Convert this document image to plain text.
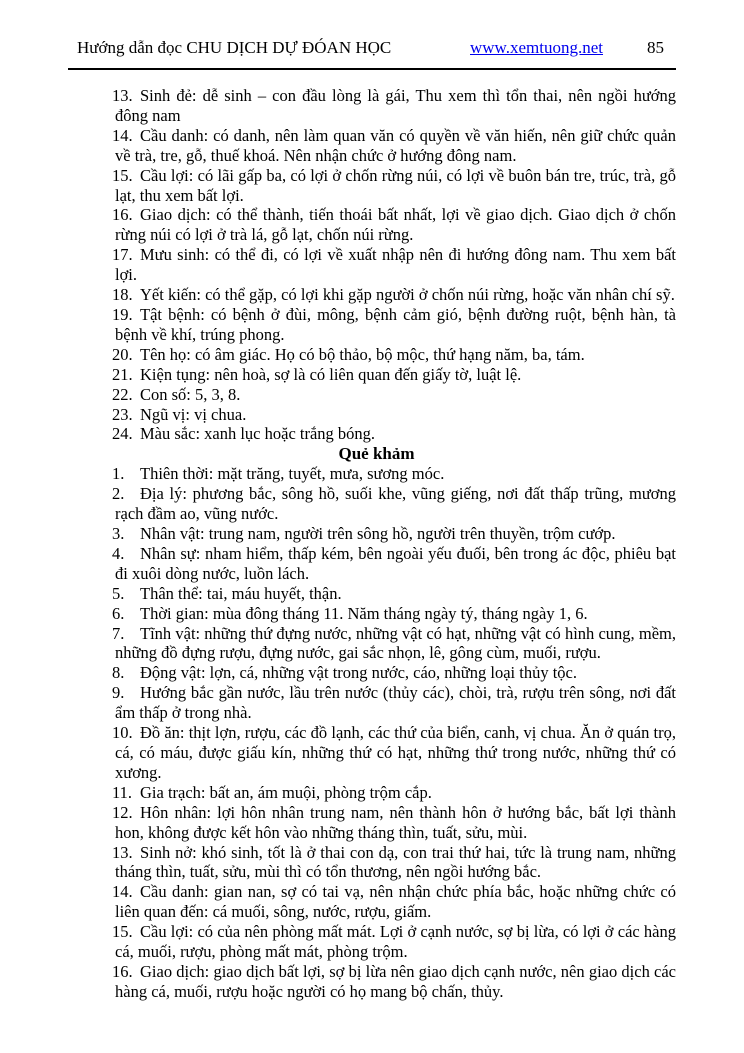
Hướng dẫn đọc CHU DỊCH DỰ ĐÓAN HỌC	www.xemtuong.net	85
13. Sinh đẻ: dễ sinh – con đầu lòng là gái, Thu xem thì tổn thai, nên ngồi hướng đông nam
14. Cầu danh: có danh, nên làm quan văn có quyền về văn hiến, nên giữ chức quản về trà, tre, gỗ, thuế khoá. Nên nhận chức ở hướng đông nam.
15. Cầu lợi: có lãi gấp ba, có lợi ở chốn rừng núi, có lợi về buôn bán tre, trúc, trà, gỗ lạt, thu xem bất lợi.
16. Giao dịch: có thể thành, tiến thoái bất nhất, lợi về giao dịch. Giao dịch ở chốn rừng núi có lợi ở trà lá, gỗ lạt, chốn núi rừng.
17. Mưu sinh: có thể đi, có lợi về xuất nhập nên đi hướng đông nam. Thu xem bất lợi.
18. Yết kiến: có thể gặp, có lợi khi gặp người ở chốn núi rừng, hoặc văn nhân chí sỹ.
19. Tật bệnh: có bệnh ở đùi, mông, bệnh cảm gió, bệnh đường ruột, bệnh hàn, tà bệnh về khí, trúng phong.
20. Tên họ: có âm giác. Họ có bộ thảo, bộ mộc, thứ hạng năm, ba, tám.
21. Kiện tụng: nên hoà, sợ là có liên quan đến giấy tờ, luật lệ.
22. Con số: 5, 3, 8.
23. Ngũ vị: vị chua.
24. Màu sắc: xanh lục hoặc trắng bóng.
Quẻ khảm
1. Thiên thời: mặt trăng, tuyết, mưa, sương móc.
2. Địa lý: phương bắc, sông hồ, suối khe, vũng giếng, nơi đất thấp trũng, mương rạch đầm ao, vũng nước.
3. Nhân vật: trung nam, người trên sông hồ, người trên thuyền, trộm cướp.
4. Nhân sự: nham hiểm, thấp kém, bên ngoài yếu đuối, bên trong ác độc, phiêu bạt đi xuôi dòng nước, luồn lách.
5. Thân thể: tai, máu huyết, thận.
6. Thời gian: mùa đông tháng 11. Năm tháng ngày tý, tháng ngày 1, 6.
7. Tĩnh vật: những thứ đựng nước, những vật có hạt, những vật có hình cung, mềm, những đồ đựng rượu, đựng nước, gai sắc nhọn, lê, gông cùm, muối, rượu.
8. Động vật: lợn, cá, những vật trong nước, cáo, những loại thủy tộc.
9. Hướng bắc gần nước, lầu trên nước (thủy các), chòi, trà, rượu trên sông, nơi đất ẩm thấp ở trong nhà.
10. Đồ ăn: thịt lợn, rượu, các đồ lạnh, các thứ của biển, canh, vị chua. Ăn ở quán trọ, cá, có máu, được giấu kín, những thứ có hạt, những thứ trong nước, những thứ có xương.
11. Gia trạch: bất an, ám muội, phòng trộm cắp.
12. Hôn nhân: lợi hôn nhân trung nam, nên thành hôn ở hướng bắc, bất lợi thành hon, không được kết hôn vào những tháng thìn, tuất, sửu, mùi.
13. Sinh nở: khó sinh, tốt là ở thai con dạ, con trai thứ hai, tức là trung nam, những tháng thìn, tuất, sửu, mùi thì có tổn thương, nên ngồi hướng bắc.
14. Cầu danh: gian nan, sợ có tai vạ, nên nhận chức phía bắc, hoặc những chức có liên quan đến: cá muối, sông, nước, rượu, giấm.
15. Cầu lợi: có của nên phòng mất mát. Lợi ở cạnh nước, sợ bị lừa, có lợi ở các hàng cá, muối, rượu, phòng mất mát, phòng trộm.
16. Giao dịch: giao dịch bất lợi, sợ bị lừa nên giao dịch cạnh nước, nên giao dịch các hàng cá, muối, rượu hoặc người có họ mang bộ chấn, thủy.
